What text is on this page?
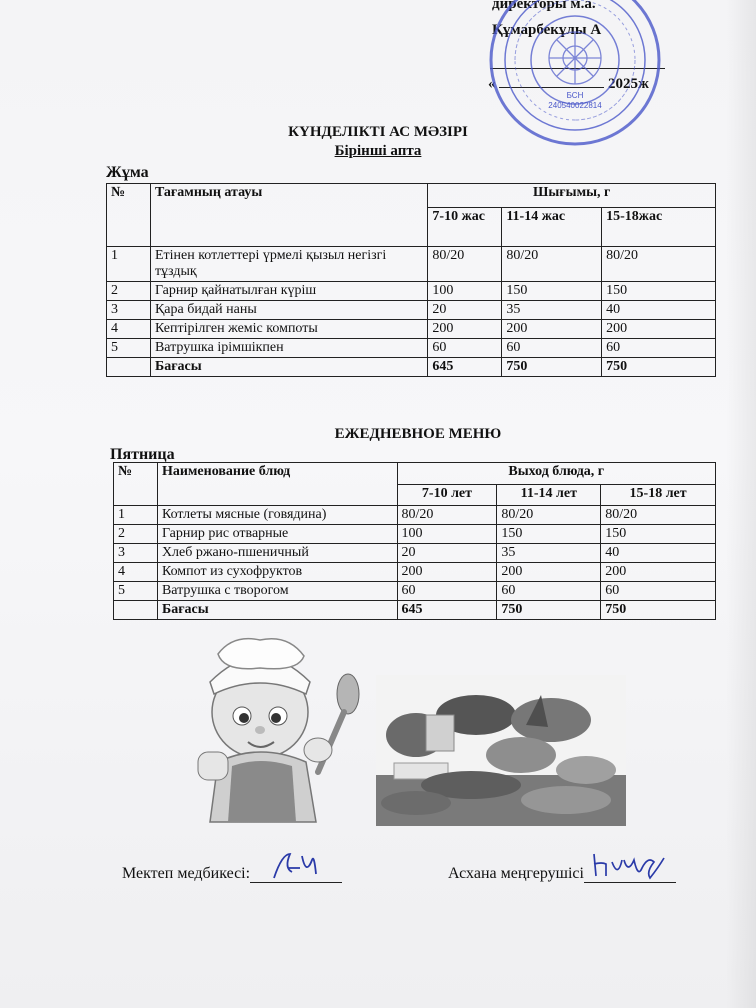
директоры м.а.
Құмарбекұлы А
«	2025ж
БСН
240540022814
КҮНДЕЛІКТІ АС МӘЗІРІ
Бірінші апта
Жұма
№	Тағамның атауы	Шығымы, г		
		7-10 жас	11-14 жас	15-18жас
1	Етінен котлеттері үрмелі қызыл негізгі тұздық	80/20	80/20	80/20
2	Гарнир қайнатылған күріш	100	150	150
3	Қара бидай наны	20	35	40
4	Кептірілген жеміс компоты	200	200	200
5	Ватрушка ірімшікпен	60	60	60
	Бағасы	645	750	750
ЕЖЕДНЕВНОЕ МЕНЮ
Пятница
№	Наименование блюд	Выход блюда, г		
		7-10 лет	11-14 лет	15-18 лет
1	Котлеты мясные (говядина)	80/20	80/20	80/20
2	Гарнир рис отварные	100	150	150
3	Хлеб ржано-пшеничный	20	35	40
4	Компот из сухофруктов	200	200	200
5	Ватрушка с творогом	60	60	60
	Бағасы	645	750	750
Мектеп медбикесі:	Асхана меңгерушісі
